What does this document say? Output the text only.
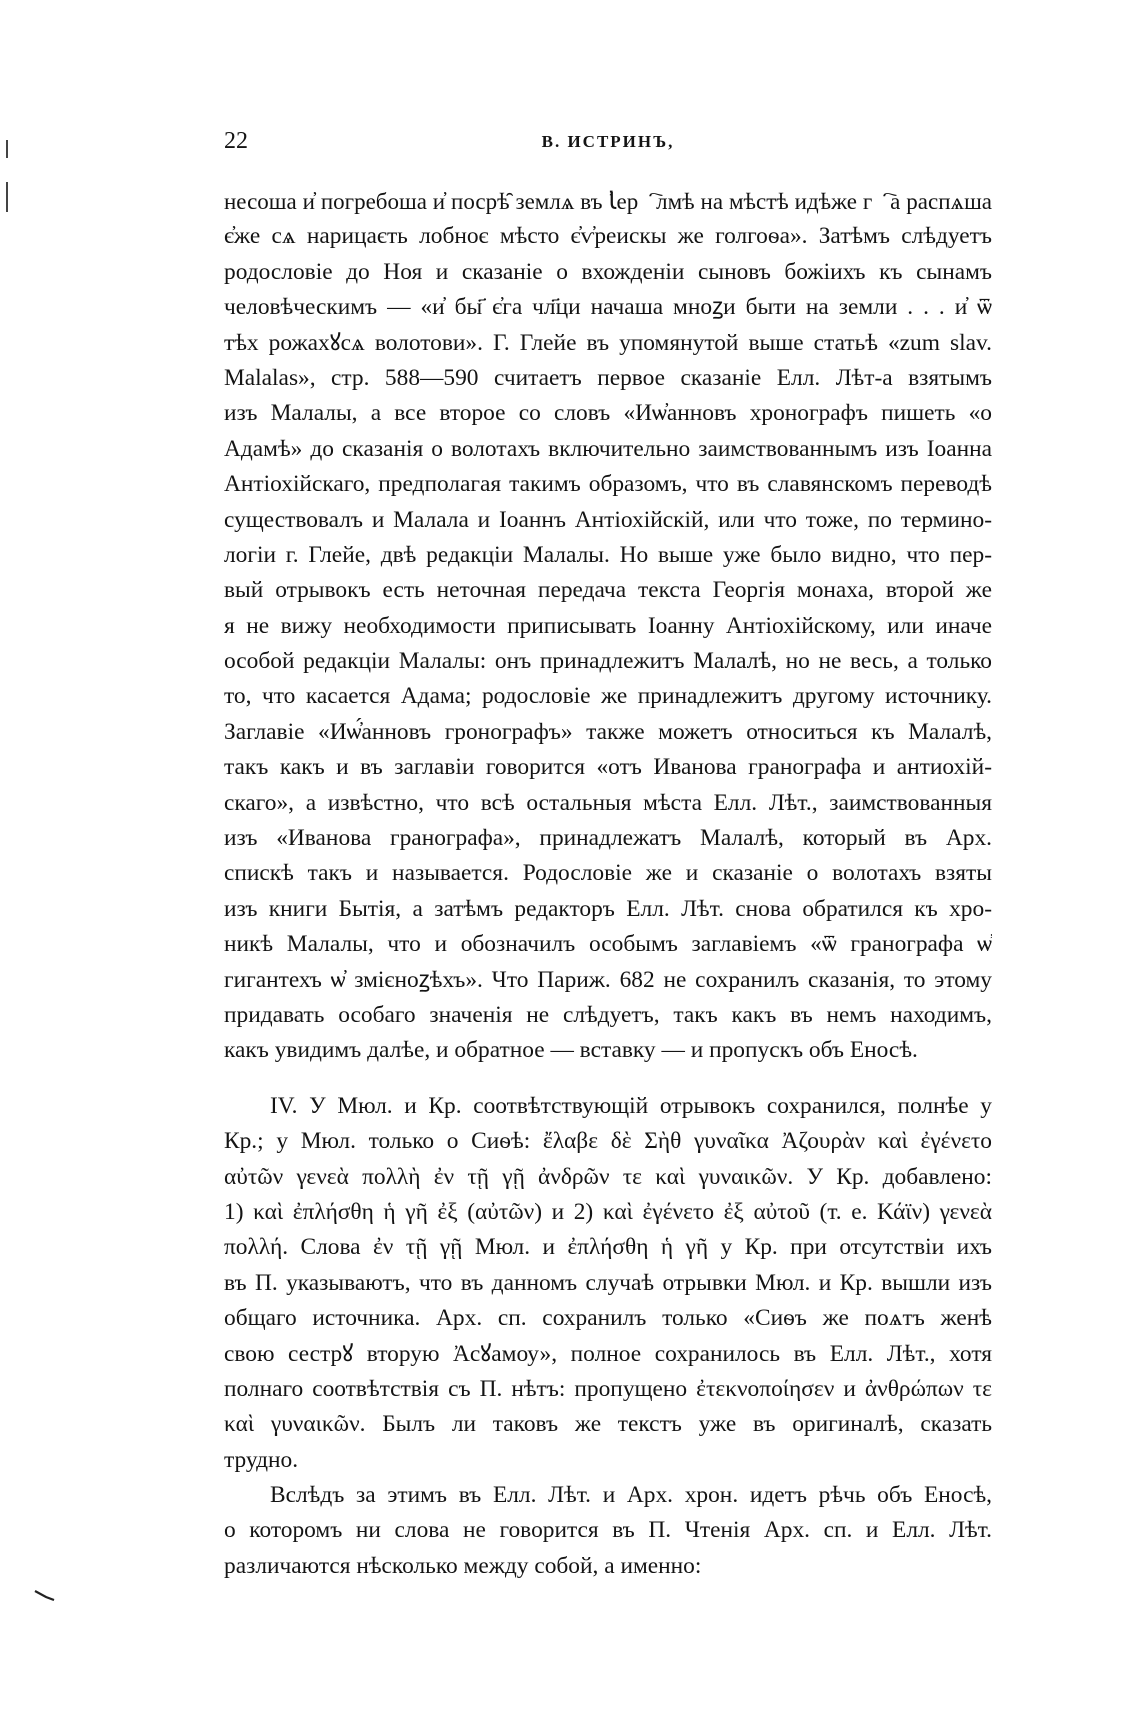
22	В. ИСТРИНЪ,
несоша и҆ погребоша и҆ посрѣ̑ землѧ въ Ꙇ҆ерⷭ҇лмѣ на мѣстѣ идѣже гⷭ҇а распѧша
є҆же сѧ нарицаєть лобноє мѣсто є҆ѵ҆реискы же голгоѳа». Затѣмъ слѣдуетъ
родословіе до Ноя и сказаніе о вхожденіи сыновъ божіихъ къ сынамъ
человѣческимъ — «и҆ бы҃ є҆га чл҃ци начаша мноꙁи быти на земли . . . и҆ ѿ
тѣх рожахꙋсѧ волотови». Г. Глейе въ упомянутой выше статьѣ «zum slav.
Malalas», стр. 588—590 считаетъ первое сказаніе Елл. Лѣт-а взятымъ
изъ Малалы, а все второе со словъ «Иѡ҆анновъ хронографъ пишеть «о
Адамѣ» до сказанія о волотахъ включительно заимствованнымъ изъ Іоанна
Антіохійскаго, предполагая такимъ образомъ, что въ славянскомъ переводѣ
существовалъ и Малала и Іоаннъ Антіохійскій, или что тоже, по термино-
логіи г. Глейе, двѣ редакціи Малалы. Но выше уже было видно, что пер-
вый отрывокъ есть неточная передача текста Георгія монаха, второй же
я не вижу необходимости приписывать Іоанну Антіохійскому, или иначе
особой редакціи Малалы: онъ принадлежитъ Малалѣ, но не весь, а только
то, что касается Адама; родословіе же принадлежитъ другому источнику.
Заглавіе «Иѡ҆́анновъ гронографъ» также можетъ относиться къ Малалѣ,
такъ какъ и въ заглавіи говорится «отъ Иванова гранографа и антиохій-
скаго», а извѣстно, что всѣ остальныя мѣста Елл. Лѣт., заимствованныя
изъ «Иванова гранографа», принадлежатъ Малалѣ, который въ Арх.
спискѣ такъ и называется. Родословіе же и сказаніе о волотахъ взяты
изъ книги Бытія, а затѣмъ редакторъ Елл. Лѣт. снова обратился къ хро-
никѣ Малалы, что и обозначилъ особымъ заглавіемъ «ѿ гранографа ѡ҆
гигантехъ ѡ҆ змієноꙁѣхъ». Что Париж. 682 не сохранилъ сказанія, то этому
придавать особаго значенія не слѣдуетъ, такъ какъ въ немъ находимъ,
какъ увидимъ далѣе, и обратное — вставку — и пропускъ объ Еносѣ.
IV. У Мюл. и Кр. соотвѣтствующій отрывокъ сохранился, полнѣе у
Кр.; у Мюл. только о Сиѳѣ: ἔλαβε δὲ Σὴθ γυναῖκα Ἀζουρὰν καὶ ἐγένετο
αὐτῶν γενεὰ πολλὴ ἐν τῇ γῇ ἀνδρῶν τε καὶ γυναικῶν. У Кр. добавлено:
1) καὶ ἐπλήσθη ἡ γῆ ἐξ (αὐτῶν) и 2) καὶ ἐγένετο ἐξ αὐτοῦ (т. е. Κάϊν) γενεὰ
πολλή. Слова ἐν τῇ γῇ Мюл. и ἐπλήσθη ἡ γῆ у Кр. при отсутствіи ихъ
въ П. указываютъ, что въ данномъ случаѣ отрывки Мюл. и Кр. вышли изъ
общаго источника. Арх. сп. сохранилъ только «Сиѳъ же поѧтъ женѣ
свою сестрꙋ вторую Ἀсꙋамоу», полное сохранилось въ Елл. Лѣт., хотя
полнаго соотвѣтствія съ П. нѣтъ: пропущено ἐτεκνοποίησεν и ἀνθρώπων τε
καὶ γυναικῶν. Былъ ли таковъ же текстъ уже въ оригиналѣ, сказать
трудно.
Вслѣдъ за этимъ въ Елл. Лѣт. и Арх. хрон. идетъ рѣчь объ Еносѣ,
о которомъ ни слова не говорится въ П. Чтенія Арх. сп. и Елл. Лѣт.
различаются нѣсколько между собой, а именно:
